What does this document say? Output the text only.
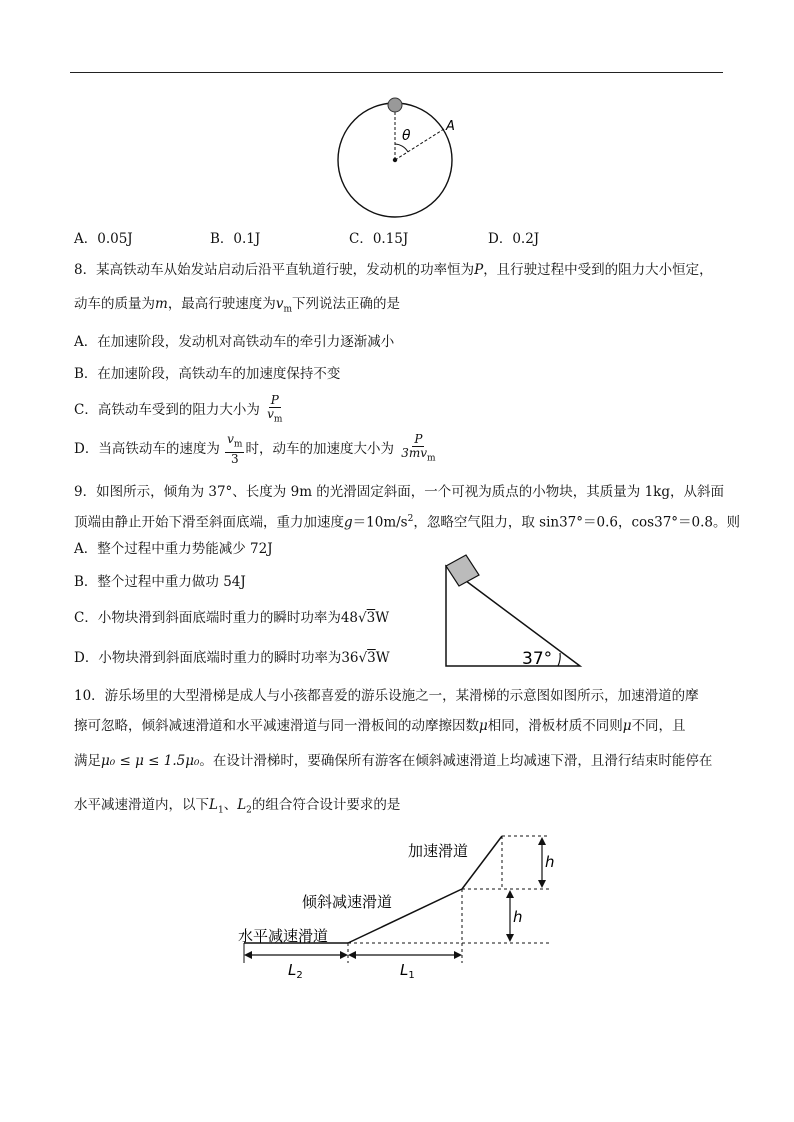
θ
A
A．0.05J	B．0.1J	C．0.15J	D．0.2J
8．某高铁动车从始发站启动后沿平直轨道行驶，发动机的功率恒为P，且行驶过程中受到的阻力大小恒定，
动车的质量为m，最高行驶速度为$v_m$下列说法正确的是
A．在加速阶段，发动机对高铁动车的牵引力逐渐减小
B．在加速阶段，高铁动车的加速度保持不变
C．高铁动车受到的阻力大小为 $\frac{P}{v_m}$
D．当高铁动车的速度为 $\frac{v_m}{3}$ 时，动车的加速度大小为 $\frac{P}{3mv_m}$
9．如图所示，倾角为 37°、长度为 9m 的光滑固定斜面，一个可视为质点的小物块，其质量为 1kg，从斜面
顶端由静止开始下滑至斜面底端，重力加速度$g=10m/s^2$，忽略空气阻力，取 sin37°＝0.6，cos37°＝0.8。则
A．整个过程中重力势能减少 72J
B．整个过程中重力做功 54J
C．小物块滑到斜面底端时重力的瞬时功率为48√3W
D．小物块滑到斜面底端时重力的瞬时功率为36√3W	37°
10．游乐场里的大型滑梯是成人与小孩都喜爱的游乐设施之一，某滑梯的示意图如图所示，加速滑道的摩
擦可忽略，倾斜减速滑道和水平减速滑道与同一滑板间的动摩擦因数μ相同，滑板材质不同则μ不同，且
满足μ₀ ≤ μ ≤ 1.5μ₀。在设计滑梯时，要确保所有游客在倾斜减速滑道上均减速下滑，且滑行结束时能停在
水平减速滑道内，以下$L_1$、$L_2$的组合符合设计要求的是
加速滑道
倾斜减速滑道
水平减速滑道
h
h
$L_2$	$L_1$
